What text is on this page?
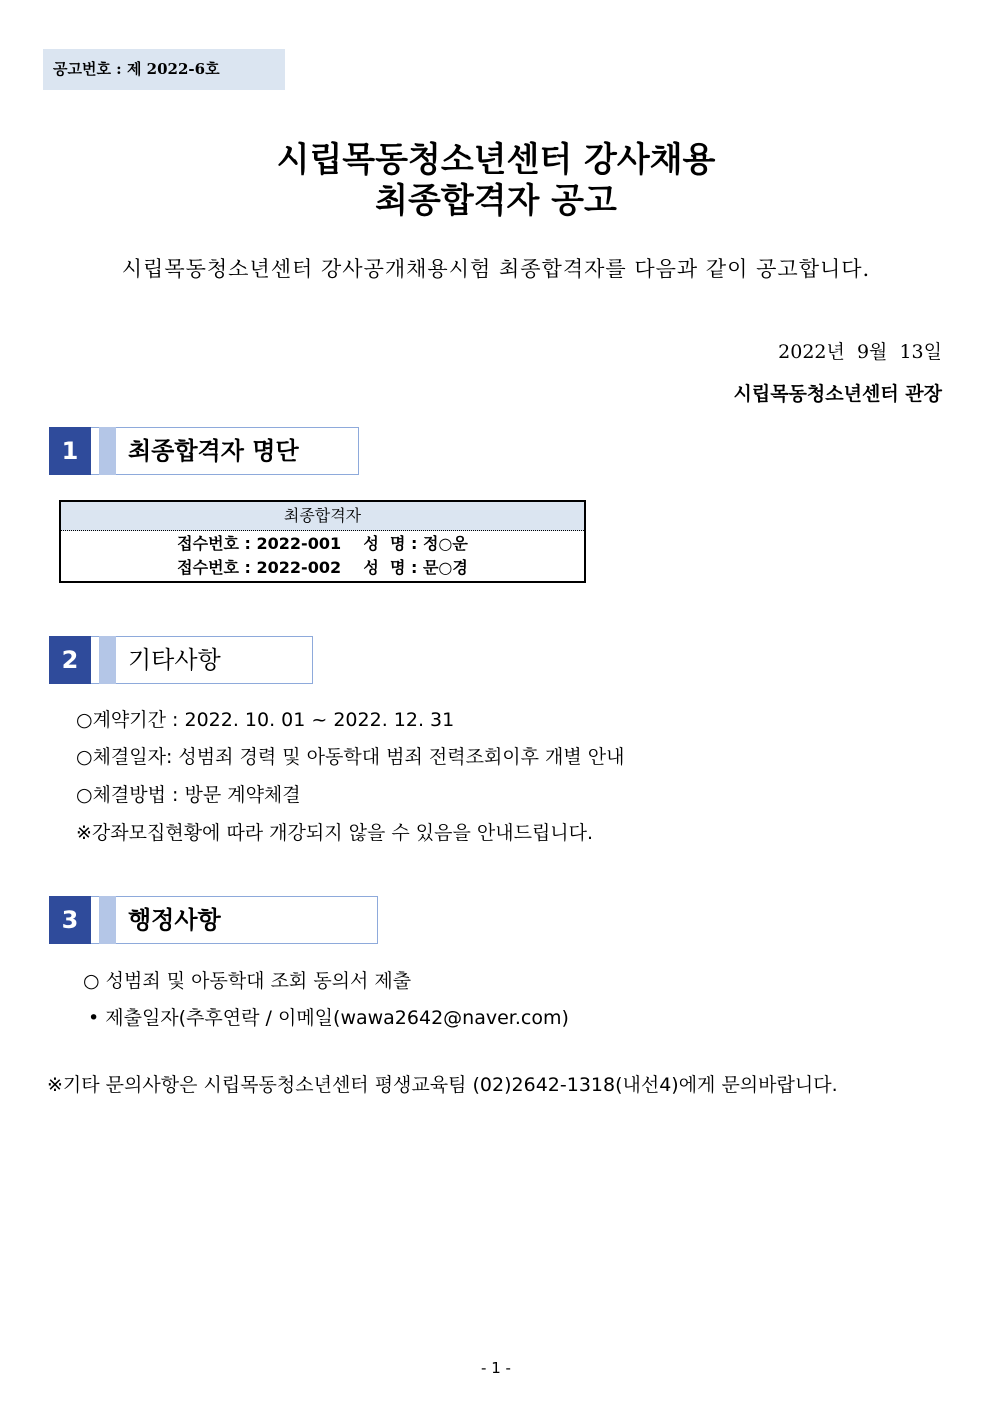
공고번호 : 제 2022-6호
시립목동청소년센터 강사채용
최종합격자 공고
시립목동청소년센터 강사공개채용시험 최종합격자를 다음과 같이 공고합니다.
2022년  9월  13일
시립목동청소년센터 관장
1	최종합격자 명단
최종합격자
접수번호 : 2022-001    성  명 : 정○운
접수번호 : 2022-002    성  명 : 문○경
2	기타사항
○계약기간 : 2022. 10. 01 ~ 2022. 12. 31
○체결일자: 성범죄 경력 및 아동학대 범죄 전력조회이후 개별 안내
○체결방법 : 방문 계약체결
※강좌모집현황에 따라 개강되지 않을 수 있음을 안내드립니다.
3	행정사항
○ 성범죄 및 아동학대 조회 동의서 제출
• 제출일자(추후연락 / 이메일(wawa2642@naver.com)
※기타 문의사항은 시립목동청소년센터 평생교육팀 (02)2642-1318(내선4)에게 문의바랍니다.
- 1 -
